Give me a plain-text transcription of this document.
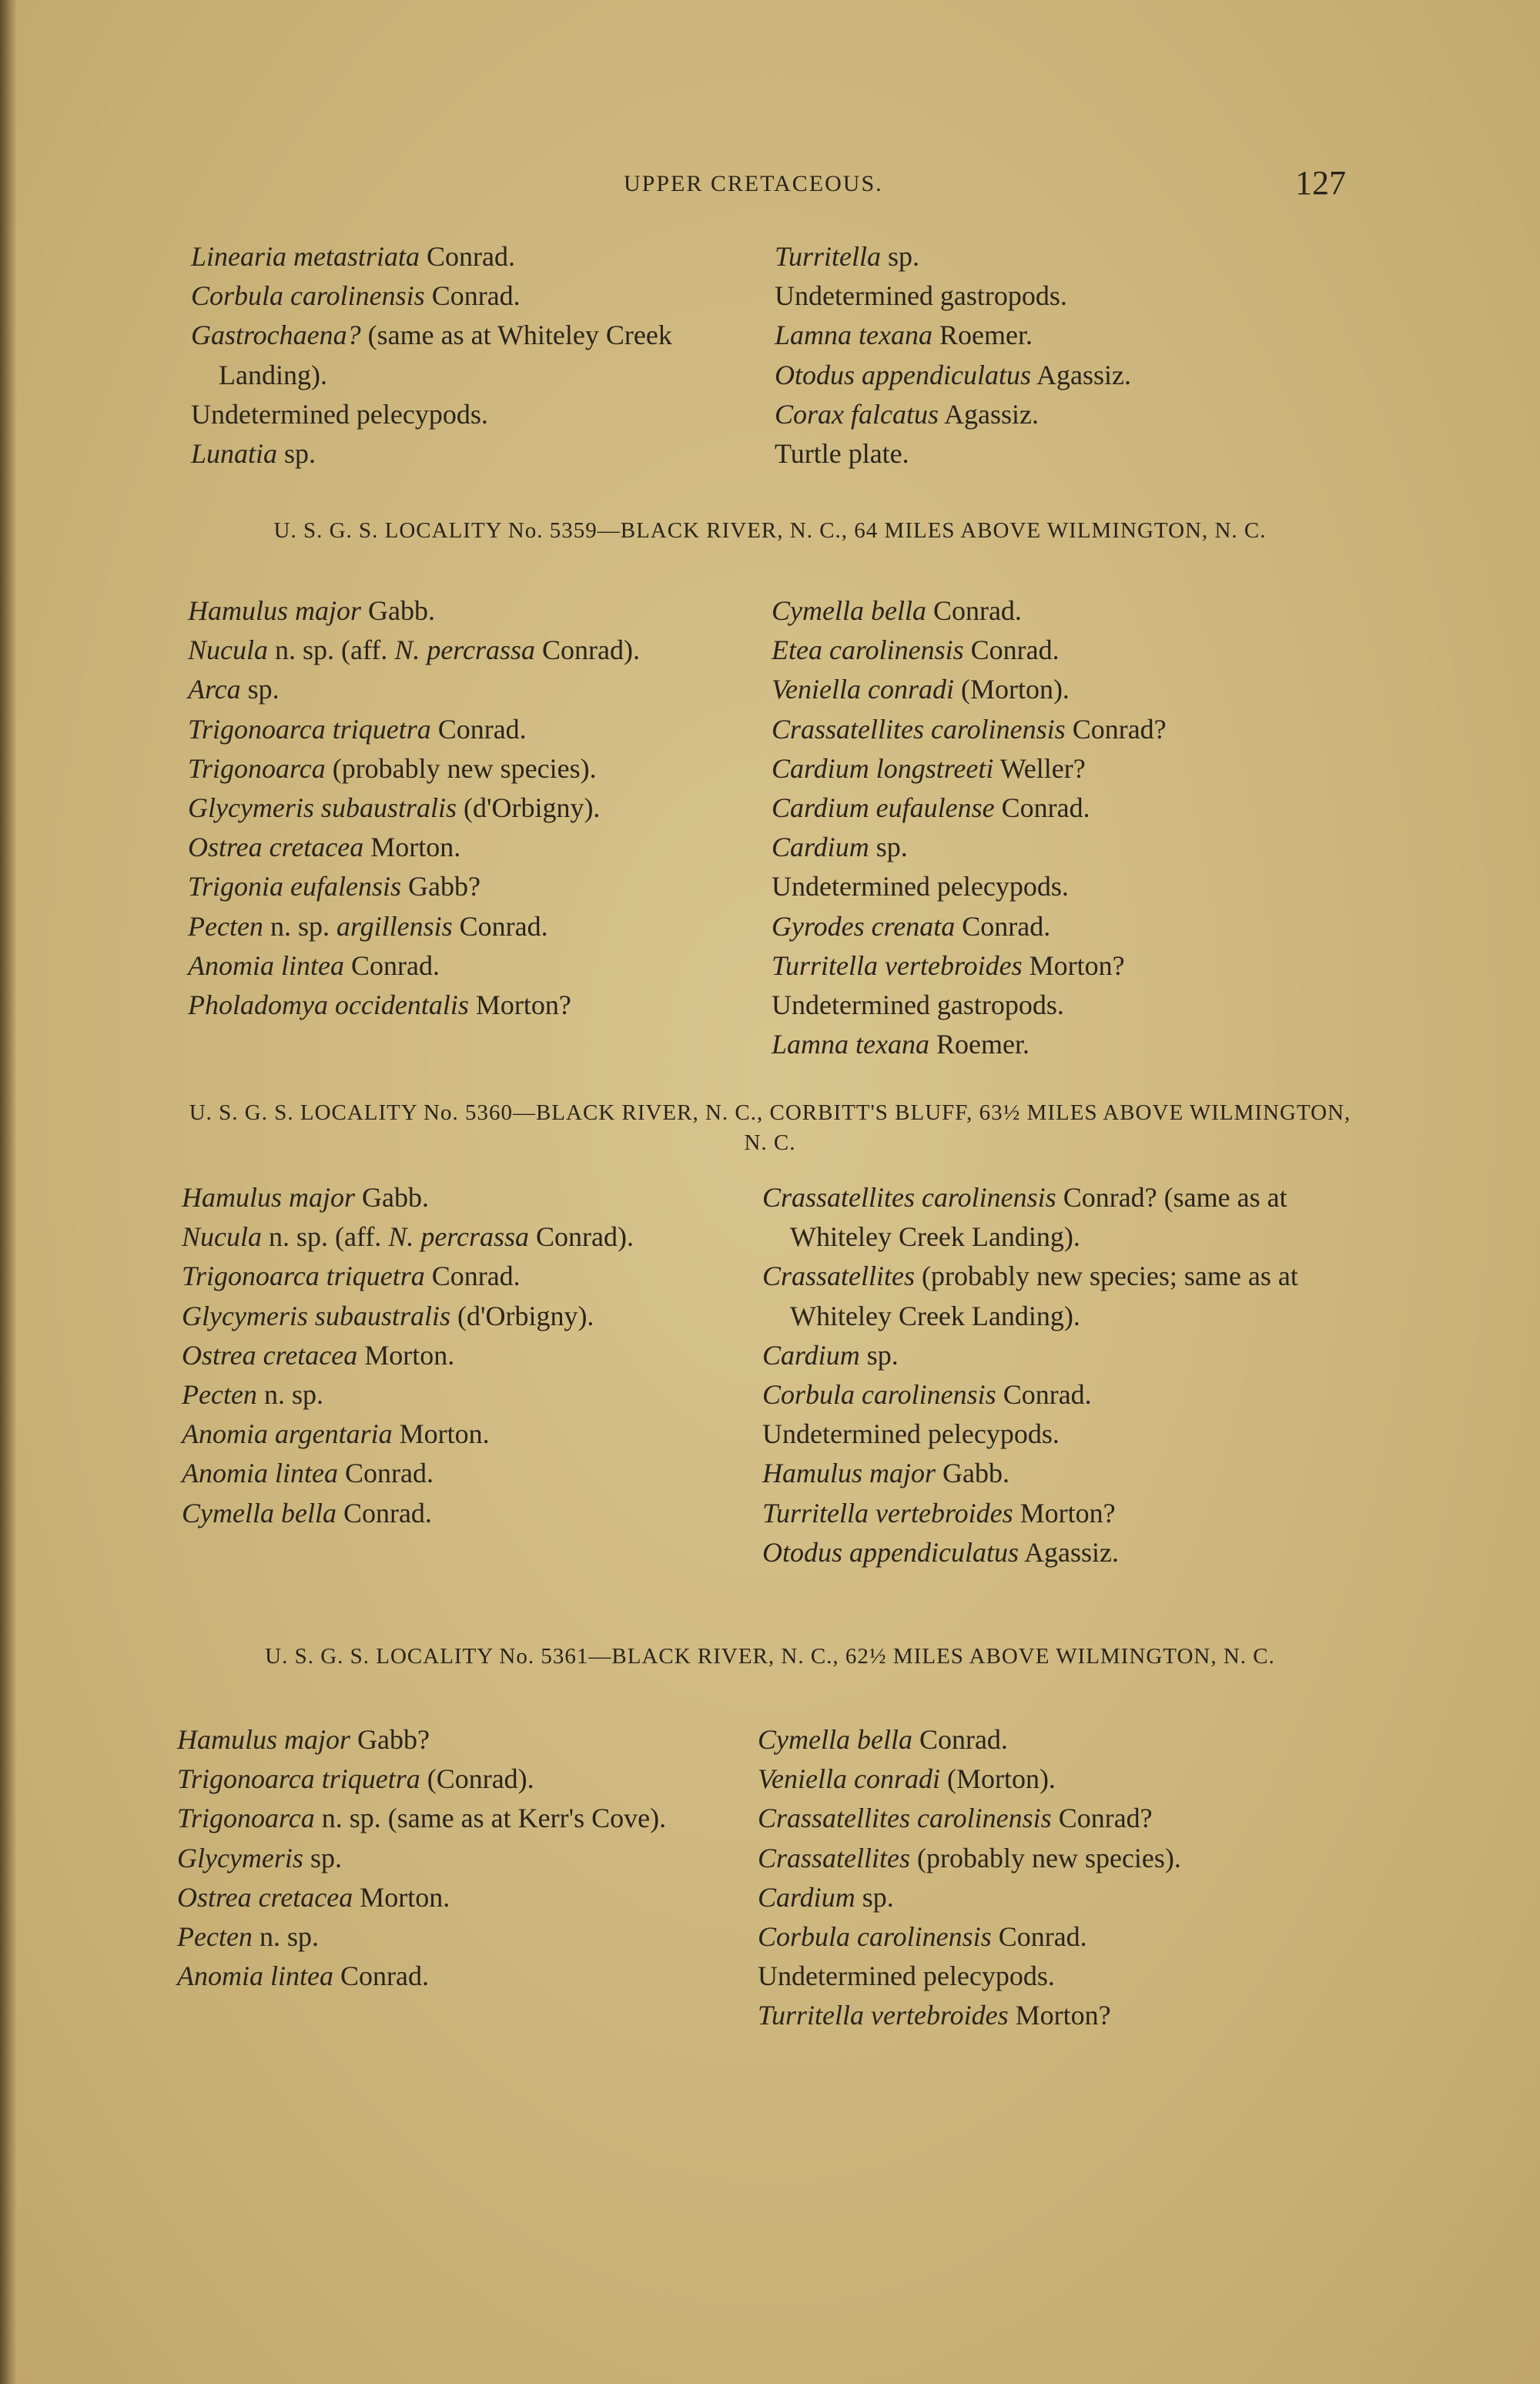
UPPER CRETACEOUS.	127
Linearia metastriata Conrad.
Corbula carolinensis Conrad.
Gastrochaena? (same as at Whiteley Creek Landing).
Undetermined pelecypods.
Lunatia sp.
Turritella sp.
Undetermined gastropods.
Lamna texana Roemer.
Otodus appendiculatus Agassiz.
Corax falcatus Agassiz.
Turtle plate.
U. S. G. S. LOCALITY No. 5359—BLACK RIVER, N. C., 64 MILES ABOVE WILMINGTON, N. C.
Hamulus major Gabb.
Nucula n. sp. (aff. N. percrassa Conrad).
Arca sp.
Trigonoarca triquetra Conrad.
Trigonoarca (probably new species).
Glycymeris subaustralis (d'Orbigny).
Ostrea cretacea Morton.
Trigonia eufalensis Gabb?
Pecten n. sp. argillensis Conrad.
Anomia lintea Conrad.
Pholadomya occidentalis Morton?
Cymella bella Conrad.
Etea carolinensis Conrad.
Veniella conradi (Morton).
Crassatellites carolinensis Conrad?
Cardium longstreeti Weller?
Cardium eufaulense Conrad.
Cardium sp.
Undetermined pelecypods.
Gyrodes crenata Conrad.
Turritella vertebroides Morton?
Undetermined gastropods.
Lamna texana Roemer.
U. S. G. S. LOCALITY No. 5360—BLACK RIVER, N. C., CORBITT'S BLUFF, 63½ MILES ABOVE WILMINGTON, N. C.
Hamulus major Gabb.
Nucula n. sp. (aff. N. percrassa Conrad).
Trigonoarca triquetra Conrad.
Glycymeris subaustralis (d'Orbigny).
Ostrea cretacea Morton.
Pecten n. sp.
Anomia argentaria Morton.
Anomia lintea Conrad.
Cymella bella Conrad.
Crassatellites carolinensis Conrad? (same as at Whiteley Creek Landing).
Crassatellites (probably new species; same as at Whiteley Creek Landing).
Cardium sp.
Corbula carolinensis Conrad.
Undetermined pelecypods.
Hamulus major Gabb.
Turritella vertebroides Morton?
Otodus appendiculatus Agassiz.
U. S. G. S. LOCALITY No. 5361—BLACK RIVER, N. C., 62½ MILES ABOVE WILMINGTON, N. C.
Hamulus major Gabb?
Trigonoarca triquetra (Conrad).
Trigonoarca n. sp. (same as at Kerr's Cove).
Glycymeris sp.
Ostrea cretacea Morton.
Pecten n. sp.
Anomia lintea Conrad.
Cymella bella Conrad.
Veniella conradi (Morton).
Crassatellites carolinensis Conrad?
Crassatellites (probably new species).
Cardium sp.
Corbula carolinensis Conrad.
Undetermined pelecypods.
Turritella vertebroides Morton?
